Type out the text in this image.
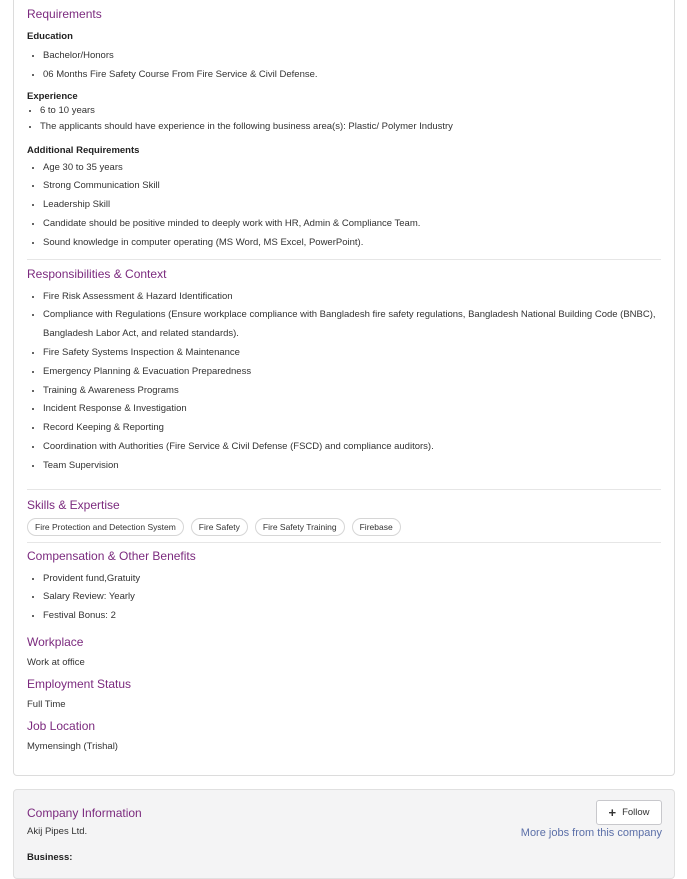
Requirements
Education
• Bachelor/Honors
• 06 Months Fire Safety Course From Fire Service & Civil Defense.
Experience
• 6 to 10 years
• The applicants should have experience in the following business area(s): Plastic/ Polymer Industry
Additional Requirements
• Age 30 to 35 years
• Strong Communication Skill
• Leadership Skill
• Candidate should be positive minded to deeply work with HR, Admin & Compliance Team.
• Sound knowledge in computer operating (MS Word, MS Excel, PowerPoint).
Responsibilities & Context
• Fire Risk Assessment & Hazard Identification
• Compliance with Regulations (Ensure workplace compliance with Bangladesh fire safety regulations, Bangladesh National Building Code (BNBC), Bangladesh Labor Act, and related standards).
• Fire Safety Systems Inspection & Maintenance
• Emergency Planning & Evacuation Preparedness
• Training & Awareness Programs
• Incident Response & Investigation
• Record Keeping & Reporting
• Coordination with Authorities (Fire Service & Civil Defense (FSCD) and compliance auditors).
• Team Supervision
Skills & Expertise
Fire Protection and Detection System	Fire Safety	Fire Safety Training	Firebase
Compensation & Other Benefits
• Provident fund,Gratuity
• Salary Review: Yearly
• Festival Bonus: 2
Workplace
Work at office
Employment Status
Full Time
Job Location
Mymensingh (Trishal)
Company Information
Akij Pipes Ltd.
Business:
+ Follow
More jobs from this company
